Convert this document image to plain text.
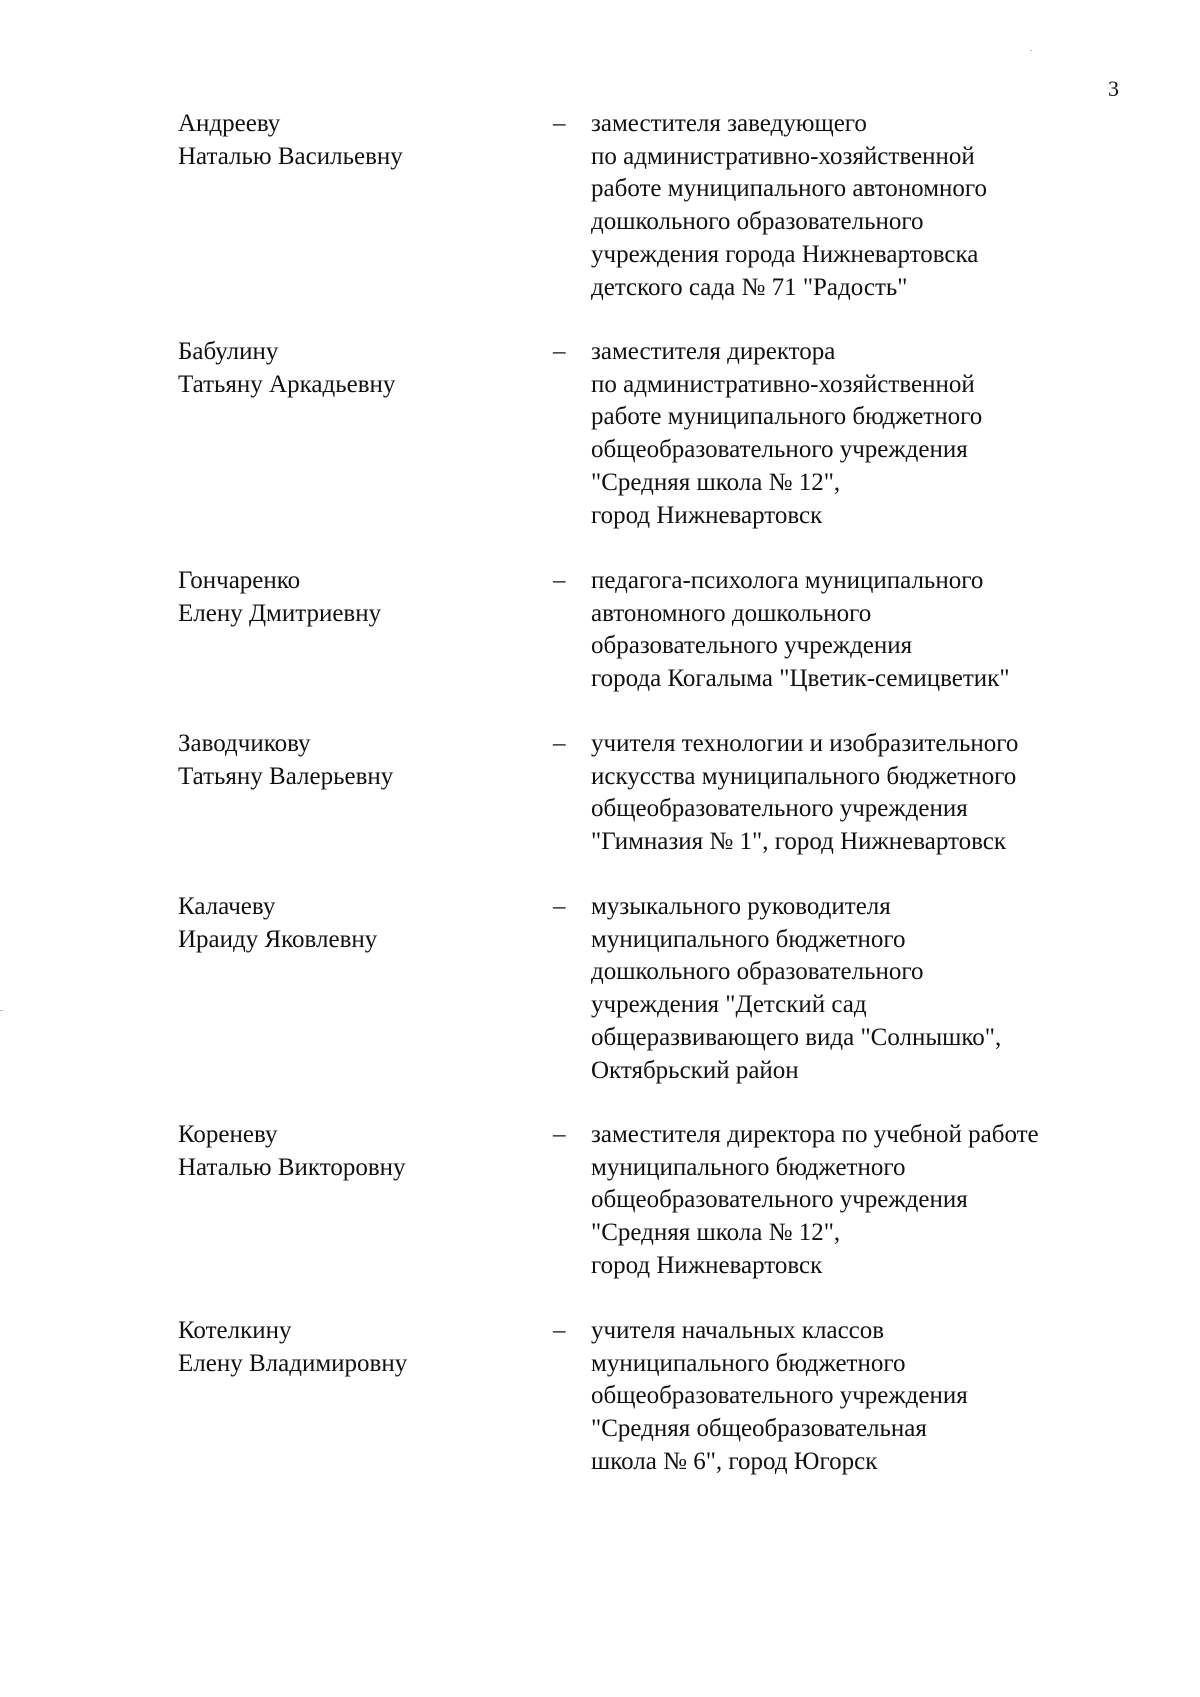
3
Андрееву
Наталью Васильевну
–	заместителя заведующего
по административно-хозяйственной
работе муниципального автономного
дошкольного образовательного
учреждения города Нижневартовска
детского сада № 71 "Радость"
Бабулину
Татьяну Аркадьевну
–	заместителя директора
по административно-хозяйственной
работе муниципального бюджетного
общеобразовательного учреждения
"Средняя школа № 12",
город Нижневартовск
Гончаренко
Елену Дмитриевну
–	педагога-психолога муниципального
автономного дошкольного
образовательного учреждения
города Когалыма "Цветик-семицветик"
Заводчикову
Татьяну Валерьевну
–	учителя технологии и изобразительного
искусства муниципального бюджетного
общеобразовательного учреждения
"Гимназия № 1", город Нижневартовск
Калачеву
Ираиду Яковлевну
–	музыкального руководителя
муниципального бюджетного
дошкольного образовательного
учреждения "Детский сад
общеразвивающего вида "Солнышко",
Октябрьский район
Кореневу
Наталью Викторовну
–	заместителя директора по учебной работе
муниципального бюджетного
общеобразовательного учреждения
"Средняя школа № 12",
город Нижневартовск
Котелкину
Елену Владимировну
–	учителя начальных классов
муниципального бюджетного
общеобразовательного учреждения
"Средняя общеобразовательная
школа № 6", город Югорск
